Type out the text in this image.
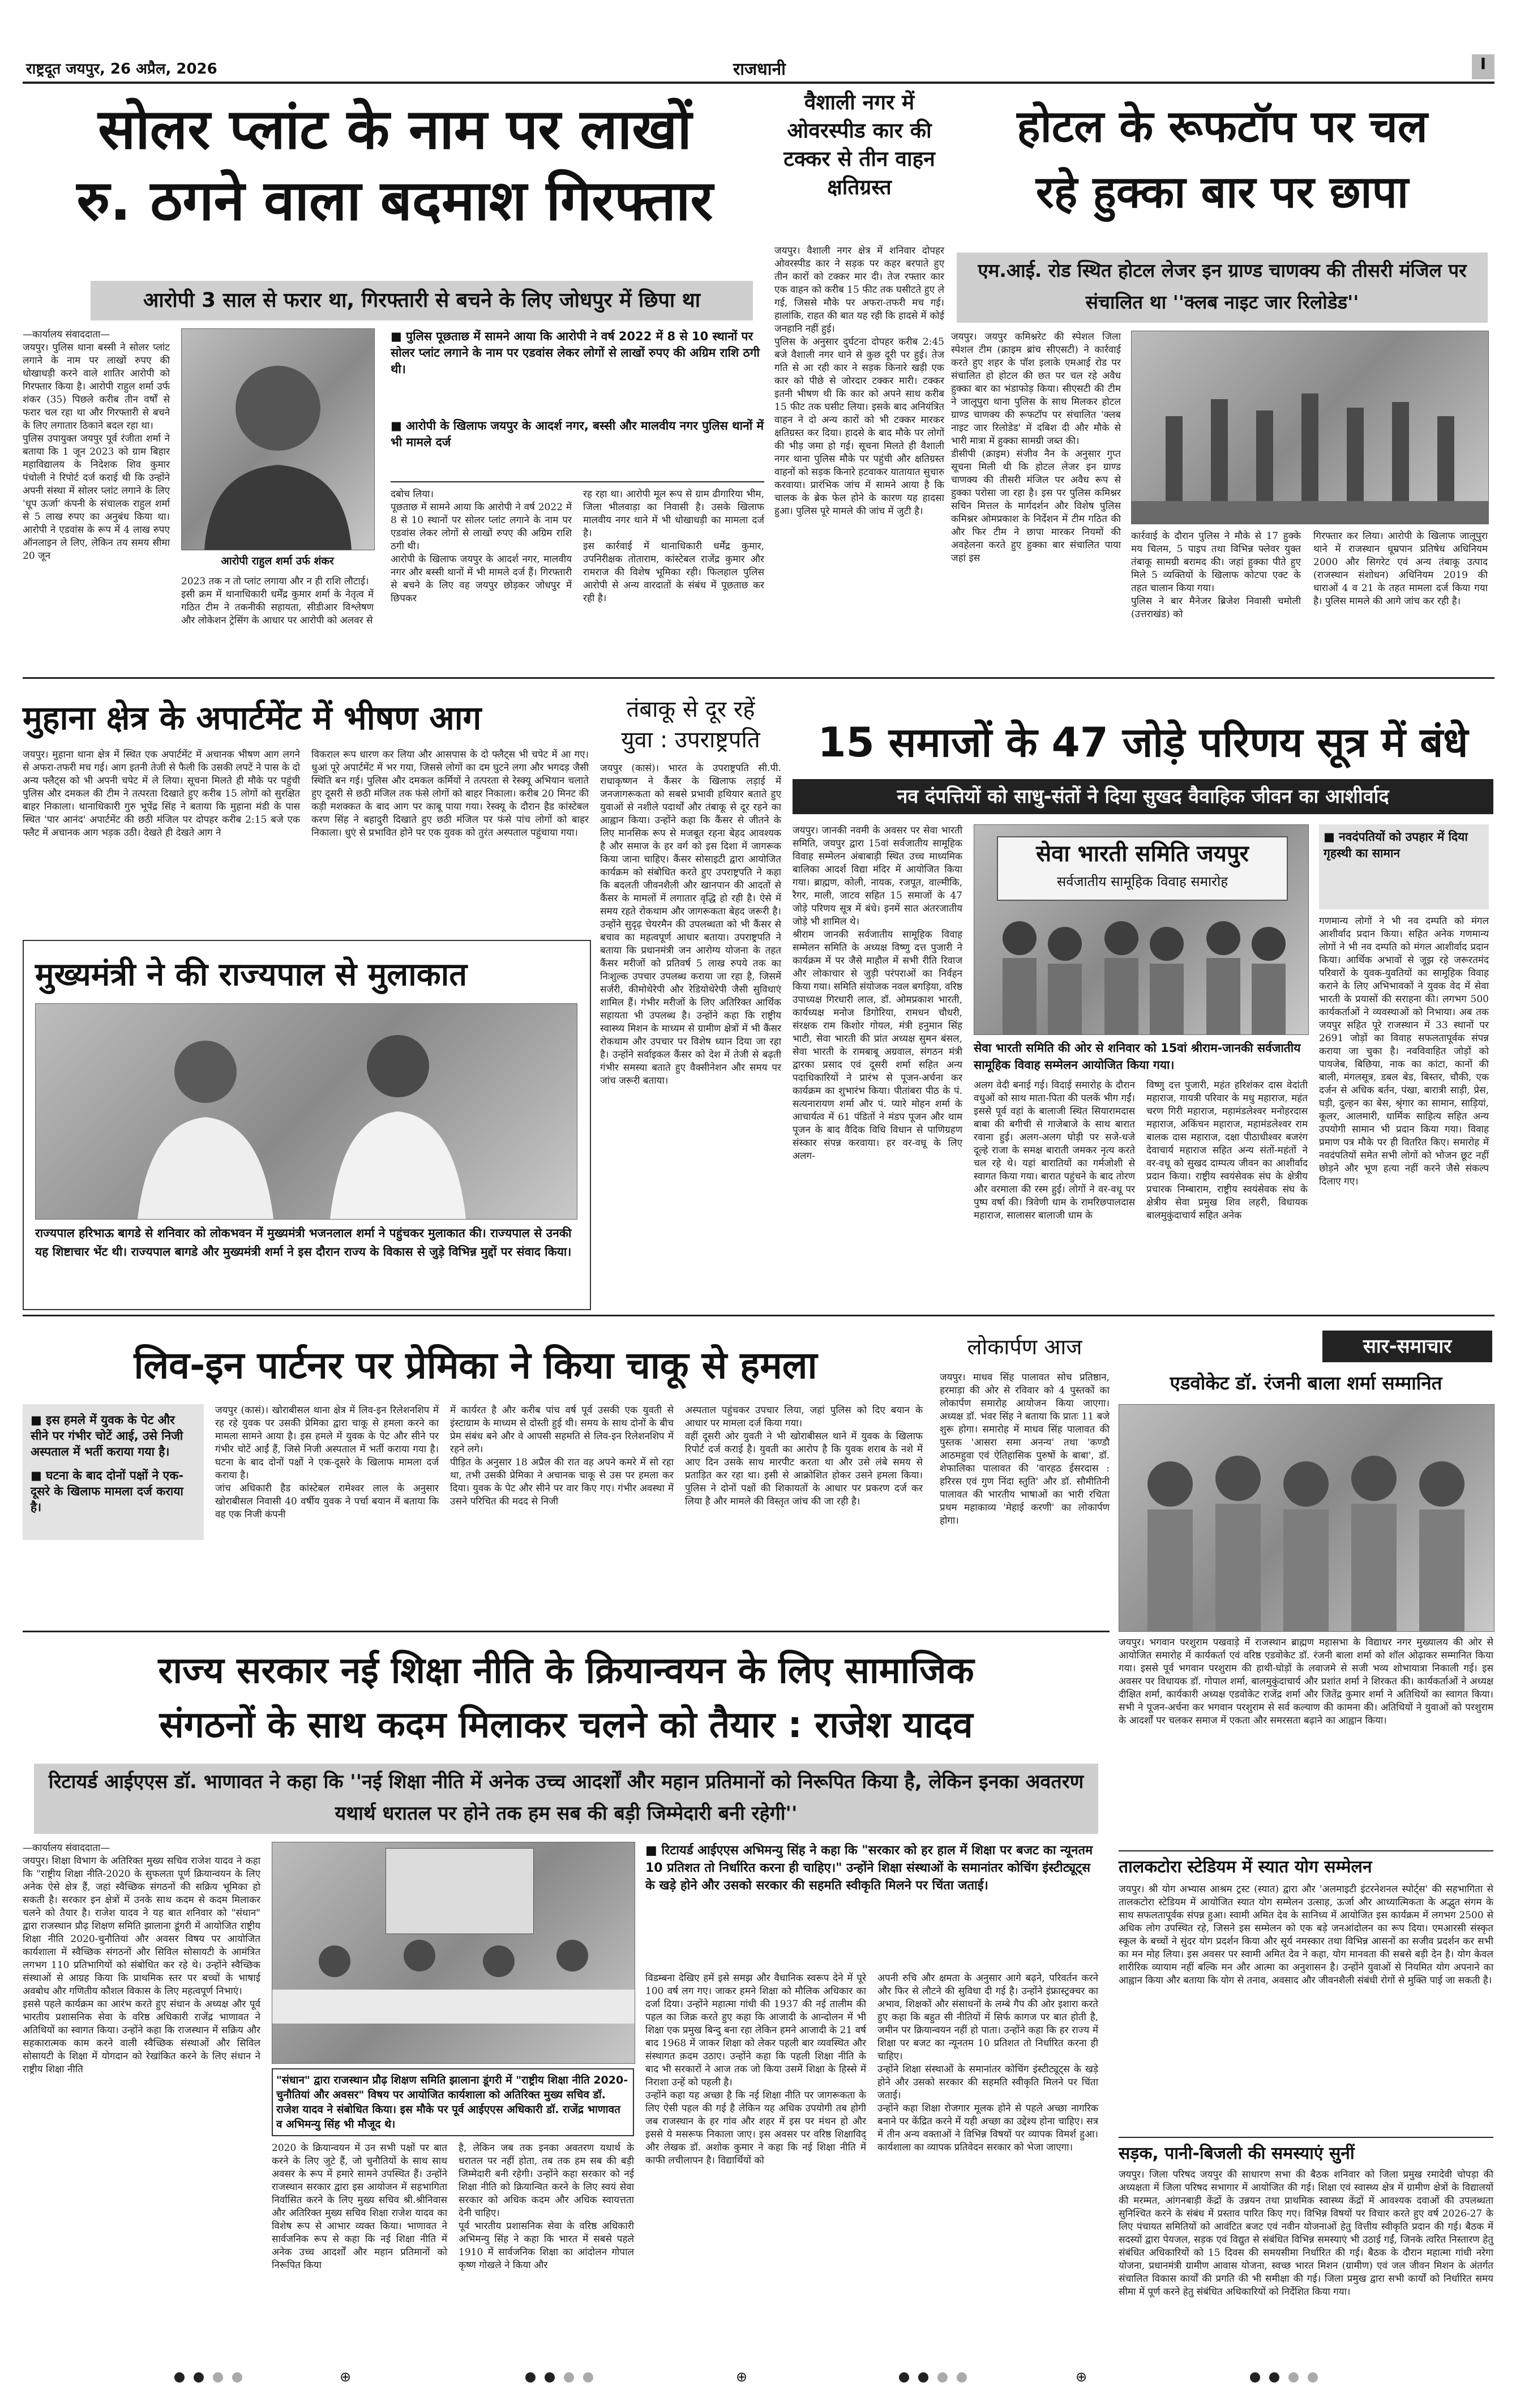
राष्ट्रदूत जयपुर, 26 अप्रैल, 2026	राजधानी	I
सोलर प्लांट के नाम पर लाखों
रु. ठगने वाला बदमाश गिरफ्तार
आरोपी 3 साल से फरार था, गिरफ्तारी से बचने के लिए जोधपुर में छिपा था
—कार्यालय संवाददाता—
जयपुर। पुलिस थाना बस्सी ने सोलर प्लांट लगाने के नाम पर लाखों रुपए की धोखाधड़ी करने वाले शातिर आरोपी को गिरफ्तार किया है। आरोपी राहुल शर्मा उर्फ शंकर (35) पिछले करीब तीन वर्षों से फरार चल रहा था और गिरफ्तारी से बचने के लिए लगातार ठिकाने बदल रहा था।
पुलिस उपायुक्त जयपुर पूर्व रंजीता शर्मा ने बताया कि 1 जून 2023 को ग्राम बिहार महाविद्यालय के निदेशक शिव कुमार पंचोली ने रिपोर्ट दर्ज कराई थी कि उन्होंने अपनी संस्था में सोलर प्लांट लगाने के लिए 'धूप ऊर्जा' कंपनी के संचालक राहुल शर्मा से 5 लाख रुपए का अनुबंध किया था। आरोपी ने एडवांस के रूप में 4 लाख रुपए ऑनलाइन ले लिए, लेकिन तय समय सीमा 20 जून	आरोपी राहुल शर्मा उर्फ शंकर
2023 तक न तो प्लांट लगाया और न ही राशि लौटाई।
इसी क्रम में थानाधिकारी धर्मेंद्र कुमार शर्मा के नेतृत्व में गठित टीम ने तकनीकी सहायता, सीडीआर विश्लेषण और लोकेशन ट्रेसिंग के आधार पर आरोपी को अलवर से
■ पुलिस पूछताछ में सामने आया कि आरोपी ने वर्ष 2022 में 8 से 10 स्थानों पर सोलर प्लांट लगाने के नाम पर एडवांस लेकर लोगों से लाखों रुपए की अग्रिम राशि ठगी थी।
■ आरोपी के खिलाफ जयपुर के आदर्श नगर, बस्सी और मालवीय नगर पुलिस थानों में भी मामले दर्ज
दबोच लिया।
पूछताछ में सामने आया कि आरोपी ने वर्ष 2022 में 8 से 10 स्थानों पर सोलर प्लांट लगाने के नाम पर एडवांस लेकर लोगों से लाखों रुपए की अग्रिम राशि ठगी थी।
आरोपी के खिलाफ जयपुर के आदर्श नगर, मालवीय नगर और बस्सी थानों में भी मामले दर्ज हैं। गिरफ्तारी से बचने के लिए वह जयपुर छोड़कर जोधपुर में छिपकर
रह रहा था। आरोपी मूल रूप से ग्राम ढीगारिया भीम, जिला भीलवाड़ा का निवासी है। उसके खिलाफ मालवीय नगर थाने में भी धोखाधड़ी का मामला दर्ज है।
इस कार्रवाई में थानाधिकारी धर्मेंद्र कुमार, उपनिरीक्षक तोताराम, कांस्टेबल राजेंद्र कुमार और रामराज की विशेष भूमिका रही। फिलहाल पुलिस आरोपी से अन्य वारदातों के संबंध में पूछताछ कर रही है।
वैशाली नगर में ओवरस्पीड कार की टक्कर से तीन वाहन क्षतिग्रस्त
जयपुर। वैशाली नगर क्षेत्र में शनिवार दोपहर ओवरस्पीड कार ने सड़क पर कहर बरपाते हुए तीन कारों को टक्कर मार दी। तेज रफ्तार कार एक वाहन को करीब 15 फीट तक घसीटते हुए ले गई, जिससे मौके पर अफरा-तफरी मच गई। हालांकि, राहत की बात यह रही कि हादसे में कोई जनहानि नहीं हुई।
पुलिस के अनुसार दुर्घटना दोपहर करीब 2:45 बजे वैशाली नगर थाने से कुछ दूरी पर हुई। तेज गति से आ रही कार ने सड़क किनारे खड़ी एक कार को पीछे से जोरदार टक्कर मारी। टक्कर इतनी भीषण थी कि कार को अपने साथ करीब 15 फीट तक घसीट लिया। इसके बाद अनियंत्रित वाहन ने दो अन्य कारों को भी टक्कर मारकर क्षतिग्रस्त कर दिया। हादसे के बाद मौके पर लोगों की भीड़ जमा हो गई। सूचना मिलते ही वैशाली नगर थाना पुलिस मौके पर पहुंची और क्षतिग्रस्त वाहनों को सड़क किनारे हटवाकर यातायात सुचारु करवाया। प्रारंभिक जांच में सामने आया है कि चालक के ब्रेक फेल होने के कारण यह हादसा हुआ। पुलिस पूरे मामले की जांच में जुटी है।
होटल के रूफटॉप पर चल
रहे हुक्का बार पर छापा
एम.आई. रोड स्थित होटल लेजर इन ग्राण्ड चाणक्य की तीसरी मंजिल पर संचालित था ''क्लब नाइट जार रिलोडेड''
जयपुर। जयपुर कमिश्नरेट की स्पेशल जिला स्पेशल टीम (क्राइम ब्रांच सीएसटी) ने कार्रवाई करते हुए शहर के पॉश इलाके एमआई रोड पर संचालित हो होटल की छत पर चल रहे अवैध हुक्का बार का भंडाफोड़ किया। सीएसटी की टीम ने जालूपुरा थाना पुलिस के साथ मिलकर होटल ग्राण्ड चाणक्य की रूफटॉप पर संचालित 'क्लब नाइट जार रिलोडेड' में दबिश दी और मौके से भारी मात्रा में हुक्का सामग्री जब्त की।
डीसीपी (क्राइम) संजीव नैन के अनुसार गुप्त सूचना मिली थी कि होटल लेजर इन ग्राण्ड चाणक्य की तीसरी मंजिल पर अवैध रूप से हुक्का परोसा जा रहा है। इस पर पुलिस कमिश्नर सचिन मित्तल के मार्गदर्शन और विशेष पुलिस कमिश्नर ओमप्रकाश के निर्देशन में टीम गठित की और फिर टीम ने छापा मारकर नियमों की अवहेलना करते हुए हुक्का बार संचालित पाया जहां इस
कार्रवाई के दौरान पुलिस ने मौके से 17 हुक्के मय चिलम, 5 पाइप तथा विभिन्न फ्लेवर युक्त तंबाकू सामग्री बरामद की। जहां हुक्का पीते हुए मिले 5 व्यक्तियों के खिलाफ कोटपा एक्ट के तहत चालान किया गया।
पुलिस ने बार मैनेजर ब्रिजेश निवासी चमोली (उत्तराखंड) को
गिरफ्तार कर लिया। आरोपी के खिलाफ जालूपुरा थाने में राजस्थान धूम्रपान प्रतिषेध अधिनियम 2000 और सिगरेट एवं अन्य तंबाकू उत्पाद (राजस्थान संशोधन) अधिनियम 2019 की धाराओं 4 व 21 के तहत मामला दर्ज किया गया है। पुलिस मामले की आगे जांच कर रही है।
मुहाना क्षेत्र के अपार्टमेंट में भीषण आग
जयपुर। मुहाना थाना क्षेत्र में स्थित एक अपार्टमेंट में अचानक भीषण आग लगने से अफरा-तफरी मच गई। आग इतनी तेजी से फैली कि उसकी लपटें ने पास के दो अन्य फ्लैट्स को भी अपनी चपेट में ले लिया। सूचना मिलते ही मौके पर पहुंची पुलिस और दमकल की टीम ने तत्परता दिखाते हुए करीब 15 लोगों को सुरक्षित बाहर निकाला। थानाधिकारी गुरु भूपेंद्र सिंह ने बताया कि मुहाना मंडी के पास स्थित 'पार आनंद' अपार्टमेंट की छठी मंजिल पर दोपहर करीब 2:15 बजे एक फ्लैट में अचानक आग भड़क उठी। देखते ही देखते आग ने
विकराल रूप धारण कर लिया और आसपास के दो फ्लैट्स भी चपेट में आ गए। धुआं पूरे अपार्टमेंट में भर गया, जिससे लोगों का दम घुटने लगा और भगदड़ जैसी स्थिति बन गई। पुलिस और दमकल कर्मियों ने तत्परता से रेस्क्यू अभियान चलाते हुए दूसरी से छठी मंजिल तक फंसे लोगों को बाहर निकाला। करीब 20 मिनट की कड़ी मशक्कत के बाद आग पर काबू पाया गया। रेस्क्यू के दौरान हैड कांस्टेबल करण सिंह ने बहादुरी दिखाते हुए छठी मंजिल पर फंसे पांच लोगों को बाहर निकाला। धुएं से प्रभावित होने पर एक युवक को तुरंत अस्पताल पहुंचाया गया।
मुख्यमंत्री ने की राज्यपाल से मुलाकात
राज्यपाल हरिभाऊ बागडे से शनिवार को लोकभवन में मुख्यमंत्री भजनलाल शर्मा ने पहुंचकर मुलाकात की। राज्यपाल से उनकी यह शिष्टाचार भेंट थी। राज्यपाल बागडे और मुख्यमंत्री शर्मा ने इस दौरान राज्य के विकास से जुड़े विभिन्न मुद्दों पर संवाद किया।
तंबाकू से दूर रहें
युवा : उपराष्ट्रपति
जयपुर (कासं)। भारत के उपराष्ट्रपति सी.पी. राधाकृष्णन ने कैंसर के खिलाफ लड़ाई में जनजागरूकता को सबसे प्रभावी हथियार बताते हुए युवाओं से नशीले पदार्थों और तंबाकू से दूर रहने का आह्वान किया। उन्होंने कहा कि कैंसर से जीतने के लिए मानसिक रूप से मजबूत रहना बेहद आवश्यक है और समाज के हर वर्ग को इस दिशा में जागरूक किया जाना चाहिए। कैंसर सोसाइटी द्वारा आयोजित कार्यक्रम को संबोधित करते हुए उपराष्ट्रपति ने कहा कि बदलती जीवनशैली और खानपान की आदतों से कैंसर के मामलों में लगातार वृद्धि हो रही है। ऐसे में समय रहते रोकथाम और जागरूकता बेहद जरूरी है। उन्होंने सुदृढ़ चेयरमैन की उपलब्धता को भी कैंसर से बचाव का महत्वपूर्ण आधार बताया। उपराष्ट्रपति ने बताया कि प्रधानमंत्री जन आरोग्य योजना के तहत कैंसर मरीजों को प्रतिवर्ष 5 लाख रुपये तक का निःशुल्क उपचार उपलब्ध कराया जा रहा है, जिसमें सर्जरी, कीमोथेरेपी और रेडियोथेरेपी जैसी सुविधाएं शामिल हैं। गंभीर मरीजों के लिए अतिरिक्त आर्थिक सहायता भी उपलब्ध है। उन्होंने कहा कि राष्ट्रीय स्वास्थ्य मिशन के माध्यम से ग्रामीण क्षेत्रों में भी कैंसर रोकथाम और उपचार पर विशेष ध्यान दिया जा रहा है। उन्होंने सर्वाइकल कैंसर को देश में तेजी से बढ़ती गंभीर समस्या बताते हुए वैक्सीनेशन और समय पर जांच जरूरी बताया।
15 समाजों के 47 जोड़े परिणय सूत्र में बंधे
नव दंपत्तियों को साधु-संतों ने दिया सुखद वैवाहिक जीवन का आशीर्वाद
जयपुर। जानकी नवमी के अवसर पर सेवा भारती समिति, जयपुर द्वारा 15वां सर्वजातीय सामूहिक विवाह सम्मेलन अंबाबाड़ी स्थित उच्च माध्यमिक बालिका आदर्श विद्या मंदिर में आयोजित किया गया। ब्राह्मण, कोली, नायक, रजपूत, वाल्मीकि, रैगर, माली, जाटव सहित 15 समाजों के 47 जोड़े परिणय सूत्र में बंधे। इनमें सात अंतरजातीय जोड़े भी शामिल थे।
श्रीराम जानकी सर्वजातीय सामूहिक विवाह सम्मेलन समिति के अध्यक्ष विष्णु दत्त पुजारी ने कार्यक्रम में पर जैसे माहौल में सभी रीति रिवाज और लोकाचार से जुड़ी परंपराओं का निर्वहन किया गया। समिति संयोजक नवल बगड़िया, वरिष्ठ उपाध्यक्ष गिरधारी लाल, डॉ. ओमप्रकाश भारती, कार्यध्यक्ष मनोज डिगोरिया, रामधन चौधरी, संरक्षक राम किशोर गोयल, मंत्री हनुमान सिंह भाटी, सेवा भारती की प्रांत अध्यक्ष सुमन बंसल, सेवा भारती के रामबाबू अग्रवाल, संगठन मंत्री द्वारका प्रसाद एवं दूसरी शर्मा सहित अन्य पदाधिकारियों ने प्रारंभ से पूजन-अर्चना कर कार्यक्रम का शुभारंभ किया। पीतांबरा पीठ के पं. सत्यनारायण शर्मा और पं. प्यारे मोहन शर्मा के आचार्यत्व में 61 पंडितों ने मंडप पूजन और थाम पूजन के बाद वैदिक विधि विधान से पाणिग्रहण संस्कार संपन्न करवाया। हर वर-वधू के लिए अलग-
सेवा भारती समिति जयपुर
सर्वजातीय सामूहिक विवाह समारोह
सेवा भारती समिति की ओर से शनिवार को 15वां श्रीराम-जानकी सर्वजातीय सामूहिक विवाह सम्मेलन आयोजित किया गया।
■ नवदंपतियों को उपहार में दिया गृहस्थी का सामान
गणमान्य लोगों ने भी नव दम्पति को मंगल आशीर्वाद प्रदान किया। सहित अनेक गणमान्य लोगों ने भी नव दम्पति को मंगल आशीर्वाद प्रदान किया। आर्थिक अभावों से जूझ रहे जरूरतमंद परिवारों के युवक-युवतियों का सामूहिक विवाह कराने के लिए अभिभावकों ने युवक वेद में सेवा भारती के प्रयासों की सराहना की। लगभग 500 कार्यकर्ताओं ने व्यवस्थाओं को निभाया। अब तक जयपुर सहित पूरे राजस्थान में 33 स्थानों पर 2691 जोड़ों का विवाह सफलतापूर्वक संपन्न कराया जा चुका है। नवविवाहित जोड़ों को पायजेब, बिछिया, नाक का कांटा, कानों की बाली, मंगलसूत्र, डबल बेड, बिस्तर, चौकी, एक दर्जन से अधिक बर्तन, पंखा, बारात्री साड़ी, प्रेस, घड़ी, दुल्हन का बेस, श्रृंगार का सामान, साड़ियां, कूलर, आलमारी, धार्मिक साहित्य सहित अन्य उपयोगी सामान भी प्रदान किया गया। विवाह प्रमाण पत्र मौके पर ही वितरित किए। समारोह में नवदंपतियों समेत सभी लोगों को भोजन छूट नहीं छोड़ने और भूण हत्या नहीं करने जैसे संकल्प दिलाए गए।
अलग वेदी बनाई गई। विदाई समारोह के दौरान वधुओं को साथ माता-पिता की पलकें भीग गईं। इससे पूर्व वहां के बालाजी स्थित सियारामदास बाबा की बगीची से गाजेबाजे के साथ बारात रवाना हुई। अलग-अलग घोड़ी पर सजे-धजे दूल्हे राजा के समक्ष बाराती जमकर नृत्य करते चल रहे थे। यहां बारातियों का गर्मजोशी से स्वागत किया गया। बारात पहुंचने के बाद तोरण और वरमाला की रस्म हुई। लोगों ने वर-वधू पर पुष्प वर्षा की। त्रिवेणी धाम के रामरिछपालदास महाराज, सालासर बालाजी धाम के
विष्णु दत्त पुजारी, महंत हरिशंकर दास वेदांती महाराज, गायत्री परिवार के मधु महाराज, महंत चरण गिरी महाराज, महामंडलेश्वर मनोहरदास महाराज, अकिंचन महाराज, महामंडलेश्वर राम बालक दास महाराज, दक्षा पीठाधीश्वर बजरंग देवाचार्य महाराज सहित अन्य संतों-महंतों ने वर-वधू को सुखद दाम्पत्य जीवन का आशीर्वाद प्रदान किया। राष्ट्रीय स्वयंसेवक संघ के क्षेत्रीय प्रचारक निम्बाराम, राष्ट्रीय स्वयंसेवक संघ के क्षेत्रीय सेवा प्रमुख शिव लहरी, विधायक बालमुकुंदाचार्य सहित अनेक
लिव-इन पार्टनर पर प्रेमिका ने किया चाकू से हमला
■ इस हमले में युवक के पेट और सीने पर गंभीर चोटें आई, उसे निजी अस्पताल में भर्ती कराया गया है।
■ घटना के बाद दोनों पक्षों ने एक-दूसरे के खिलाफ मामला दर्ज कराया है।
जयपुर (कासं)। खोराबीसल थाना क्षेत्र में लिव-इन रिलेशनशिप में रह रहे युवक पर उसकी प्रेमिका द्वारा चाकू से हमला करने का मामला सामने आया है। इस हमले में युवक के पेट और सीने पर गंभीर चोटें आईं हैं, जिसे निजी अस्पताल में भर्ती कराया गया है। घटना के बाद दोनों पक्षों ने एक-दूसरे के खिलाफ मामला दर्ज कराया है।
जांच अधिकारी हैड कांस्टेबल रामेश्वर लाल के अनुसार खोराबीसल निवासी 40 वर्षीय युवक ने पर्चा बयान में बताया कि वह एक निजी कंपनी
में कार्यरत है और करीब पांच वर्ष पूर्व उसकी एक युवती से इंस्टाग्राम के माध्यम से दोस्ती हुई थी। समय के साथ दोनों के बीच प्रेम संबंध बने और वे आपसी सहमति से लिव-इन रिलेशनशिप में रहने लगे।
पीड़ित के अनुसार 18 अप्रैल की रात वह अपने कमरे में सो रहा था, तभी उसकी प्रेमिका ने अचानक चाकू से उस पर हमला कर दिया। युवक के पेट और सीने पर वार किए गए। गंभीर अवस्था में उसने परिचित की मदद से निजी
अस्पताल पहुंचकर उपचार लिया, जहां पुलिस को दिए बयान के आधार पर मामला दर्ज किया गया।
वहीं दूसरी ओर युवती ने भी खोराबीसल थाने में युवक के खिलाफ रिपोर्ट दर्ज कराई है। युवती का आरोप है कि युवक शराब के नशे में आए दिन उसके साथ मारपीट करता था और उसे लंबे समय से प्रताड़ित कर रहा था। इसी से आक्रोशित होकर उसने हमला किया। पुलिस ने दोनों पक्षों की शिकायतों के आधार पर प्रकरण दर्ज कर लिया है और मामले की विस्तृत जांच की जा रही है।
लोकार्पण आज
जयपुर। माधव सिंह पालावत सोच प्रतिष्ठान, हरमाड़ा की ओर से रविवार को 4 पुस्तकों का लोकार्पण समारोह आयोजन किया जाएगा। अध्यक्ष डॉ. भंवर सिंह ने बताया कि प्रातः 11 बजे शुरू होगा। समारोह में माधव सिंह पालावत की पुस्तक 'आसरा समा अनन्य' तथा 'कण्डौ आठमहुवा एवं ऐतिहासिक पुरुषों के बाबा', डॉ. शेफालिका पालावत की 'वारहठ ईसरदास : हरिरस एवं गुण निंदा स्तुति' और डॉ. सौमीतिनी पालावत की भारतीय भाषाओं का भारी रचिता प्रथम महाकाव्य 'मेहाई करणी' का लोकार्पण होगा।
सार-समाचार
एडवोकेट डॉ. रंजनी बाला शर्मा सम्मानित
जयपुर। भगवान परशुराम पखवाड़े में राजस्थान ब्राह्मण महासभा के विद्याधर नगर मुख्यालय की ओर से आयोजित समारोह में कार्यकर्ता एवं वरिष्ठ एडवोकेट डॉ. रंजनी बाला शर्मा को शॉल ओढ़ाकर सम्मानित किया गया। इससे पूर्व भगवान परशुराम की हाथी-घोड़ों के लवाजमे से सजी भव्य शोभायात्रा निकाली गई। इस अवसर पर विधायक डॉ. गोपाल शर्मा, बालमुकुंदाचार्य और प्रशांत शर्मा ने शिरकत की। कार्यकर्ताओं ने अध्यक्ष दीक्षित शर्मा, कार्यकारी अध्यक्ष एडवोकेट राजेंद्र शर्मा और जितेंद्र कुमार शर्मा ने अतिथियों का स्वागत किया। सभी ने पूजन-अर्चना कर भगवान परशुराम से सर्व कल्याण की कामना की। अतिथियों ने युवाओं को परशुराम के आदर्शों पर चलकर समाज में एकता और समरसता बढ़ाने का आह्वान किया।
तालकटोरा स्टेडियम में स्यात योग सम्मेलन
जयपुर। श्री योग अभ्यास आश्रम ट्रस्ट (स्यात) द्वारा और 'अलमाइटी इंटरनेशनल स्पोर्ट्स' की सहभागिता से तालकटोरा स्टेडियम में आयोजित स्यात योग सम्मेलन उत्साह, ऊर्जा और आध्यात्मिकता के अद्भुत संगम के साथ सफलतापूर्वक संपन्न हुआ। स्वामी अमित देव के सानिध्य में आयोजित इस कार्यक्रम में लगभग 2500 से अधिक लोग उपस्थित रहे, जिसने इस सम्मेलन को एक बड़े जनआंदोलन का रूप दिया। एमआरसी संस्कृत स्कूल के बच्चों ने सुंदर योग प्रदर्शन किया और सूर्य नमस्कार तथा विभिन्न आसनों का सजीव प्रदर्शन कर सभी का मन मोह लिया। इस अवसर पर स्वामी अमित देव ने कहा, योग मानवता की सबसे बड़ी देन है। योग केवल शारीरिक व्यायाम नहीं बल्कि मन और आत्मा का अनुशासन है। उन्होंने युवाओं से नियमित योग अपनाने का आह्वान किया और बताया कि योग से तनाव, अवसाद और जीवनशैली संबंधी रोगों से मुक्ति पाई जा सकती है।
सड़क, पानी-बिजली की समस्याएं सुनीं
जयपुर। जिला परिषद जयपुर की साधारण सभा की बैठक शनिवार को जिला प्रमुख रमादेवी चोपड़ा की अध्यक्षता में जिला परिषद सभागार में आयोजित की गई। शिक्षा एवं स्वास्थ्य क्षेत्र में ग्रामीण क्षेत्रों के विद्यालयों की मरम्मत, आंगनबाड़ी केंद्रों के उन्नयन तथा प्राथमिक स्वास्थ्य केंद्रों में आवश्यक दवाओं की उपलब्धता सुनिश्चित करने के संबंध में प्रस्ताव पारित किए गए। विभिन्न विषयों पर विचार करते हुए वर्ष 2026-27 के लिए पंचायत समितियों को आवंटित बजट एवं नवीन योजनाओं हेतु वित्तीय स्वीकृति प्रदान की गई। बैठक में सदस्यों द्वारा पेयजल, सड़क एवं विद्युत से संबंधित विभिन्न समस्याएं भी उठाई गईं, जिनके त्वरित निस्तारण हेतु संबंधित अधिकारियों को 15 दिवस की समयसीमा निर्धारित की गई। बैठक के दौरान महात्मा गांधी नरेगा योजना, प्रधानमंत्री ग्रामीण आवास योजना, स्वच्छ भारत मिशन (ग्रामीण) एवं जल जीवन मिशन के अंतर्गत संचालित विकास कार्यों की प्रगति की भी समीक्षा की गई। जिला प्रमुख द्वारा सभी कार्यों को निर्धारित समय सीमा में पूर्ण करने हेतु संबंधित अधिकारियों को निर्देशित किया गया।
राज्य सरकार नई शिक्षा नीति के क्रियान्वयन के लिए सामाजिक
संगठनों के साथ कदम मिलाकर चलने को तैयार : राजेश यादव
रिटायर्ड आईएएस डॉ. भाणावत ने कहा कि ''नई शिक्षा नीति में अनेक उच्च आदर्शों और महान प्रतिमानों को निरूपित किया है, लेकिन इनका अवतरण यथार्थ धरातल पर होने तक हम सब की बड़ी जिम्मेदारी बनी रहेगी''
—कार्यालय संवाददाता—
जयपुर। शिक्षा विभाग के अतिरिक्त मुख्य सचिव राजेश यादव ने कहा कि "राष्ट्रीय शिक्षा नीति-2020 के सुफलता पूर्ण क्रियान्वयन के लिए अनेक ऐसे क्षेत्र हैं, जहां स्वैच्छिक संगठनों की सक्रिय भूमिका हो सकती है। सरकार इन क्षेत्रों में उनके साथ कदम से कदम मिलाकर चलने को तैयार है। राजेश यादव ने यह बात शनिवार को "संधान" द्वारा राजस्थान प्रौढ़ शिक्षण समिति झालाना डूंगरी में आयोजित राष्ट्रीय शिक्षा नीति 2020-चुनौतियां और अवसर विषय पर आयोजित कार्यशाला में स्वैच्छिक संगठनों और सिविल सोसायटी के आमंत्रित लगभग 110 प्रतिभागियों को संबोधित कर रहे थे। उन्होंने स्वैच्छिक संस्थाओं से आग्रह किया कि प्राथमिक स्तर पर बच्चों के भाषाई अवबोध और गणितीय कौशल विकास के लिए महत्वपूर्ण निभाएं।
इससे पहले कार्यक्रम का आरंभ करते हुए संधान के अध्यक्ष और पूर्व भारतीय प्रशासनिक सेवा के वरिष्ठ अधिकारी राजेंद्र भाणावत ने अतिथियों का स्वागत किया। उन्होंने कहा कि राजस्थान में सक्रिय और सहकारात्मक काम करने वाली स्वैच्छिक संस्थाओं और सिविल सोसायटी के शिक्षा में योगदान को रेखांकित करने के लिए संधान ने राष्ट्रीय शिक्षा नीति
"संधान" द्वारा राजस्थान प्रौढ़ शिक्षण समिति झालाना डूंगरी में "राष्ट्रीय शिक्षा नीति 2020-चुनौतियां और अवसर" विषय पर आयोजित कार्यशाला को अतिरिक्त मुख्य सचिव डॉ. राजेश यादव ने संबोधित किया। इस मौके पर पूर्व आईएएस अधिकारी डॉ. राजेंद्र भाणावत व अभिमन्यु सिंह भी मौजूद थे।
2020 के क्रियान्वयन में उन सभी पक्षों पर बात करने के लिए जुटे हैं, जो चुनौतियों के साथ साथ अवसर के रूप में हमारे सामने उपस्थित हैं। उन्होंने राजस्थान सरकार द्वारा इस आयोजन में सहभागिता निर्वासित करने के लिए मुख्य सचिव श्री.श्रीनिवास और अतिरिक्त मुख्य सचिव शिक्षा राजेश यादव का विशेष रूप से आभार व्यक्त किया। भाणावत ने सार्वजनिक रूप से कहा कि नई शिक्षा नीति में अनेक उच्च आदर्शों और महान प्रतिमानों को निरूपित किया
है, लेकिन जब तक इनका अवतरण यथार्थ के धरातल पर नहीं होता, तब तक हम सब की बड़ी जिम्मेदारी बनी रहेगी। उन्होंने कहा सरकार को नई शिक्षा नीति को क्रियान्वित करने के लिए स्वयं सेवा सरकार को अधिक कदम और अधिक स्वायत्तता देनी चाहिए।
पूर्व भारतीय प्रशासनिक सेवा के वरिष्ठ अधिकारी अभिमन्यु सिंह ने कहा कि भारत में सबसे पहले 1910 में सार्वजनिक शिक्षा का आंदोलन गोपाल कृष्ण गोखले ने किया और
■ रिटायर्ड आईएएस अभिमन्यु सिंह ने कहा कि "सरकार को हर हाल में शिक्षा पर बजट का न्यूनतम 10 प्रतिशत तो निर्धारित करना ही चाहिए।" उन्होंने शिक्षा संस्थाओं के समानांतर कोचिंग इंस्टीट्यूट्स के खड़े होने और उसको सरकार की सहमति स्वीकृति मिलने पर चिंता जताई।
विडम्बना देखिए हमें इसे समझ और वैधानिक स्वरूप देने में पूरे 100 वर्ष लग गए। जाकर हमने शिक्षा को मौलिक अधिकार का दर्जा दिया। उन्होंने महात्मा गांधी की 1937 की नई तालीम की पहल का जिक्र करते हुए कहा कि आजादी के आन्दोलन में भी शिक्षा एक प्रमुख बिन्दु बना रहा लेकिन हमने आजादी के 21 वर्ष बाद 1968 में जाकर शिक्षा को लेकर पहली बार व्यवस्थित और संस्थागत क़दम उठाए। उन्होंने कहा कि पहली शिक्षा नीति के बाद भी सरकारों ने आज तक जो किया उसमें शिक्षा के हिस्से में निराशा उन्हें को पहली है।
उन्होंने कहा यह अच्छा है कि नई शिक्षा नीति पर जागरूकता के लिए ऐसी पहल की गई है लेकिन यह अधिक उपयोगी तब होगी जब राजस्थान के हर गांव और शहर में इस पर मंथन हो और इससे ये मसरूफ निकाला जाए। इस अवसर पर वरिष्ठ शिक्षाविद् और लेखक डॉ. अशोक कुमार ने कहा कि नई शिक्षा नीति में काफी लचीलापन है। विद्यार्थियों को
अपनी रुचि और क्षमता के अनुसार आगे बढ़ने, परिवर्तन करने और फिर से लौटने की सुविधा दी गई है। उन्होंने इंफ्रास्ट्रक्चर का अभाव, शिक्षकों और संसाधनों के लम्बे गैप की ओर इशारा करते हुए कहा कि बहुत सी नीतियों में सिर्फ कागज पर बात होती है, जमीन पर क्रियान्वयन नहीं हो पाता। उन्होंने कहा कि हर राज्य में शिक्षा पर बजट का न्यूनतम 10 प्रतिशत तो निर्धारित करना ही चाहिए।
उन्होंने शिक्षा संस्थाओं के समानांतर कोचिंग इंस्टीट्यूट्स के खड़े होने और उसको सरकार की सहमति स्वीकृति मिलने पर चिंता जताई।
उन्होंने कहा शिक्षा रोजगार मूलक होने से पहले अच्छा नागरिक बनाने पर केंद्रित करने में यही अच्छा का उद्देश्य होना चाहिए। सत्र में तीन अन्य वक्ताओं ने विभिन्न विषयों पर व्यापक विमर्श हुआ। कार्यशाला का व्यापक प्रतिवेदन सरकार को भेजा जाएगा।
⊕	⊕	⊕
